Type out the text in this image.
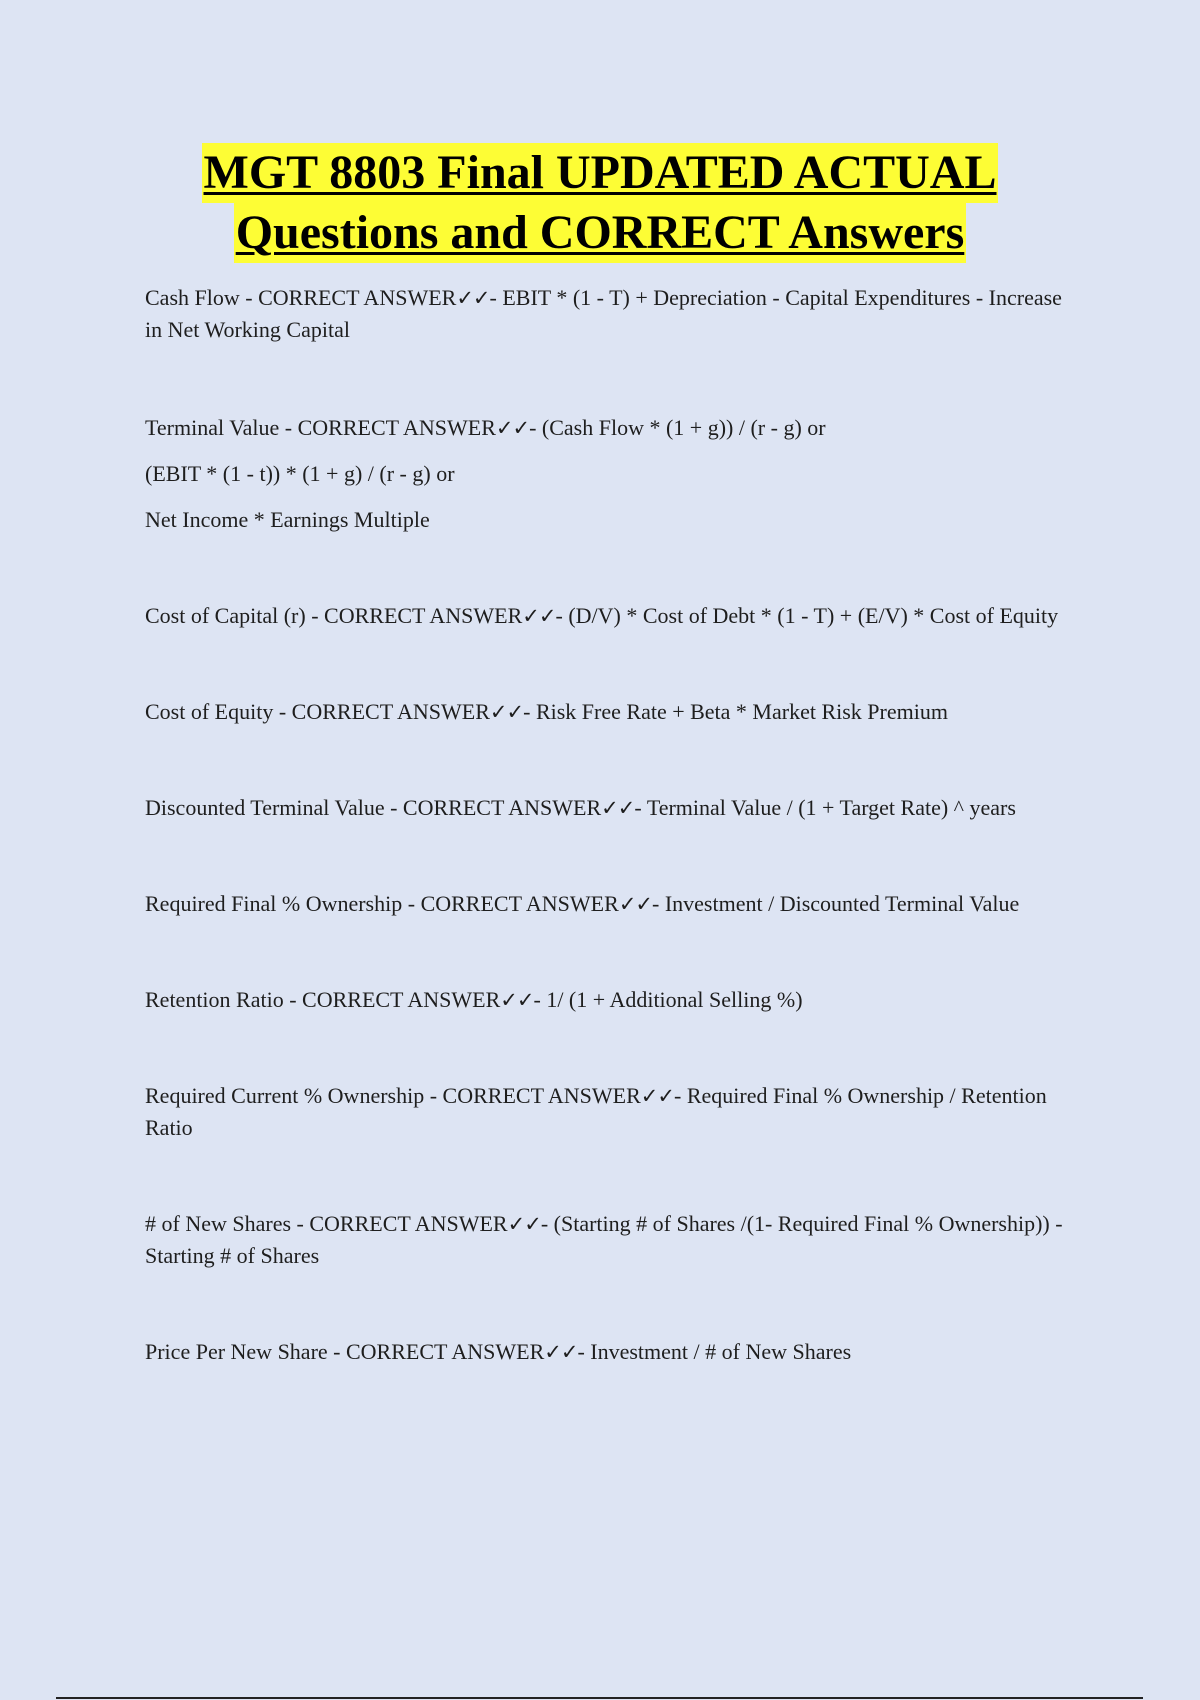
MGT 8803 Final UPDATED ACTUAL
Questions and CORRECT Answers

Cash Flow - CORRECT ANSWER✓✓- EBIT * (1 - T) + Depreciation - Capital Expenditures - Increase in Net Working Capital

Terminal Value - CORRECT ANSWER✓✓- (Cash Flow * (1 + g)) / (r - g) or

(EBIT * (1 - t)) * (1 + g) / (r - g) or

Net Income * Earnings Multiple

Cost of Capital (r) - CORRECT ANSWER✓✓- (D/V) * Cost of Debt * (1 - T) + (E/V) * Cost of Equity

Cost of Equity - CORRECT ANSWER✓✓- Risk Free Rate + Beta * Market Risk Premium

Discounted Terminal Value - CORRECT ANSWER✓✓- Terminal Value / (1 + Target Rate) ^ years

Required Final % Ownership - CORRECT ANSWER✓✓- Investment / Discounted Terminal Value

Retention Ratio - CORRECT ANSWER✓✓- 1/ (1 + Additional Selling %)

Required Current % Ownership - CORRECT ANSWER✓✓- Required Final % Ownership / Retention Ratio

# of New Shares - CORRECT ANSWER✓✓- (Starting # of Shares /(1- Required Final % Ownership)) - Starting # of Shares

Price Per New Share - CORRECT ANSWER✓✓- Investment / # of New Shares
